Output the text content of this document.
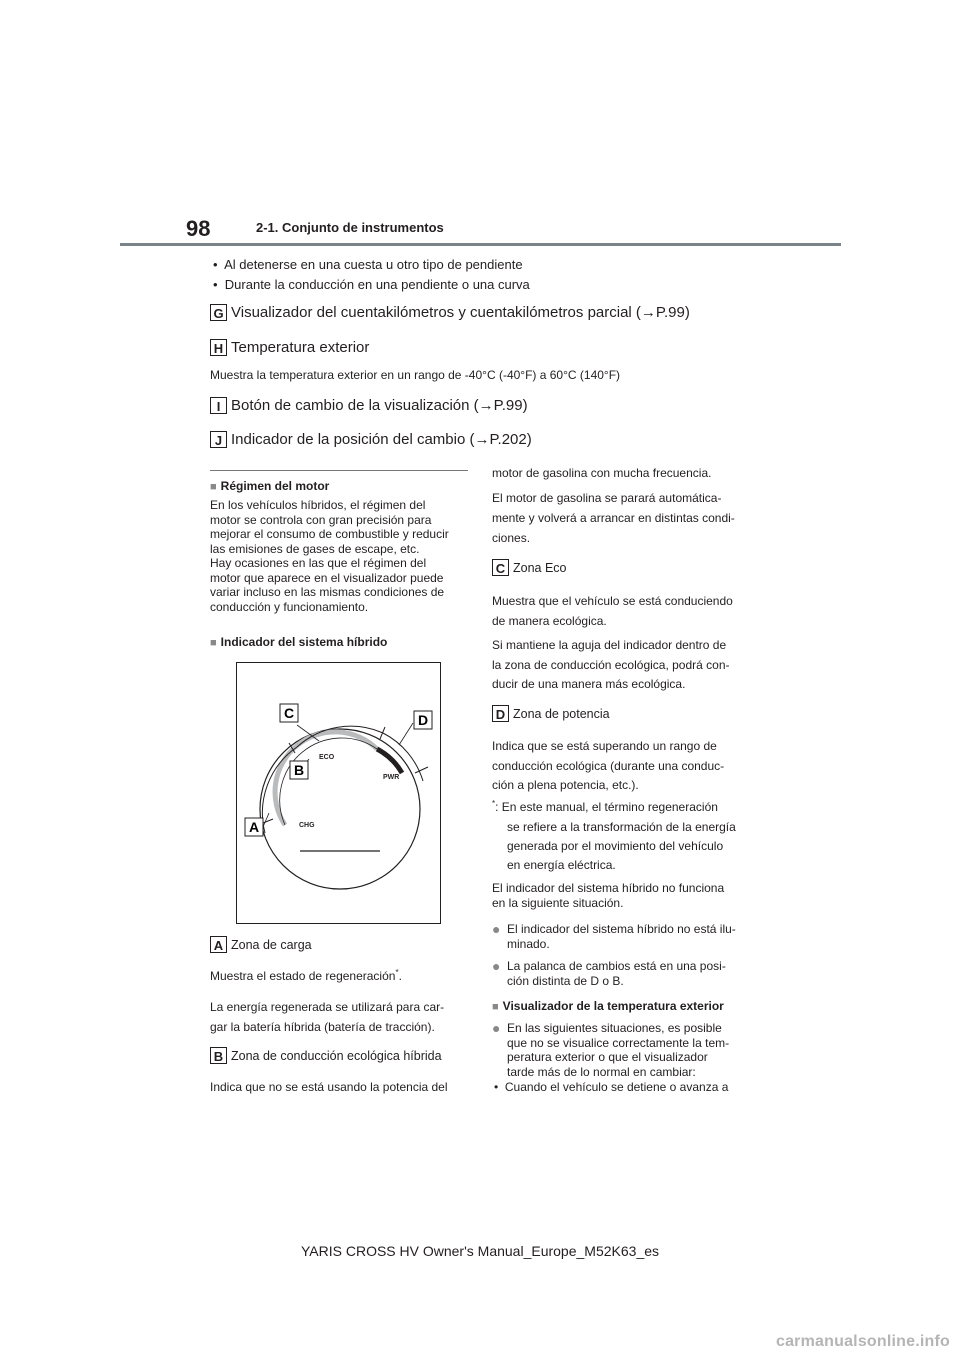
98	2-1. Conjunto de instrumentos
•  Al detenerse en una cuesta u otro tipo de pendiente
•  Durante la conducción en una pendiente o una curva
G Visualizador del cuentakilómetros y cuentakilómetros parcial (→P.99)
H Temperatura exterior
Muestra la temperatura exterior en un rango de -40°C (-40°F) a 60°C (140°F)
I Botón de cambio de la visualización (→P.99)
J Indicador de la posición del cambio (→P.202)
■ Régimen del motor
En los vehículos híbridos, el régimen del
motor se controla con gran precisión para
mejorar el consumo de combustible y reducir
las emisiones de gases de escape, etc.
Hay ocasiones en las que el régimen del
motor que aparece en el visualizador puede
variar incluso en las mismas condiciones de
conducción y funcionamiento.
■ Indicador del sistema híbrido
ECO
PWR
CHG
C	D
B
A
A Zona de carga
Muestra el estado de regeneración*.
La energía regenerada se utilizará para car-
gar la batería híbrida (batería de tracción).
B Zona de conducción ecológica híbrida
Indica que no se está usando la potencia del
motor de gasolina con mucha frecuencia.
El motor de gasolina se parará automática-
mente y volverá a arrancar en distintas condi-
ciones.
C Zona Eco
Muestra que el vehículo se está conduciendo
de manera ecológica.
Si mantiene la aguja del indicador dentro de
la zona de conducción ecológica, podrá con-
ducir de una manera más ecológica.
D Zona de potencia
Indica que se está superando un rango de
conducción ecológica (durante una conduc-
ción a plena potencia, etc.).
*: En este manual, el término regeneración
se refiere a la transformación de la energía
generada por el movimiento del vehículo
en energía eléctrica.
El indicador del sistema híbrido no funciona
en la siguiente situación.
● El indicador del sistema híbrido no está ilu-
minado.
● La palanca de cambios está en una posi-
ción distinta de D o B.
■ Visualizador de la temperatura exterior
● En las siguientes situaciones, es posible
que no se visualice correctamente la tem-
peratura exterior o que el visualizador
tarde más de lo normal en cambiar:
•  Cuando el vehículo se detiene o avanza a
YARIS CROSS HV Owner's Manual_Europe_M52K63_es
carmanualsonline.info
